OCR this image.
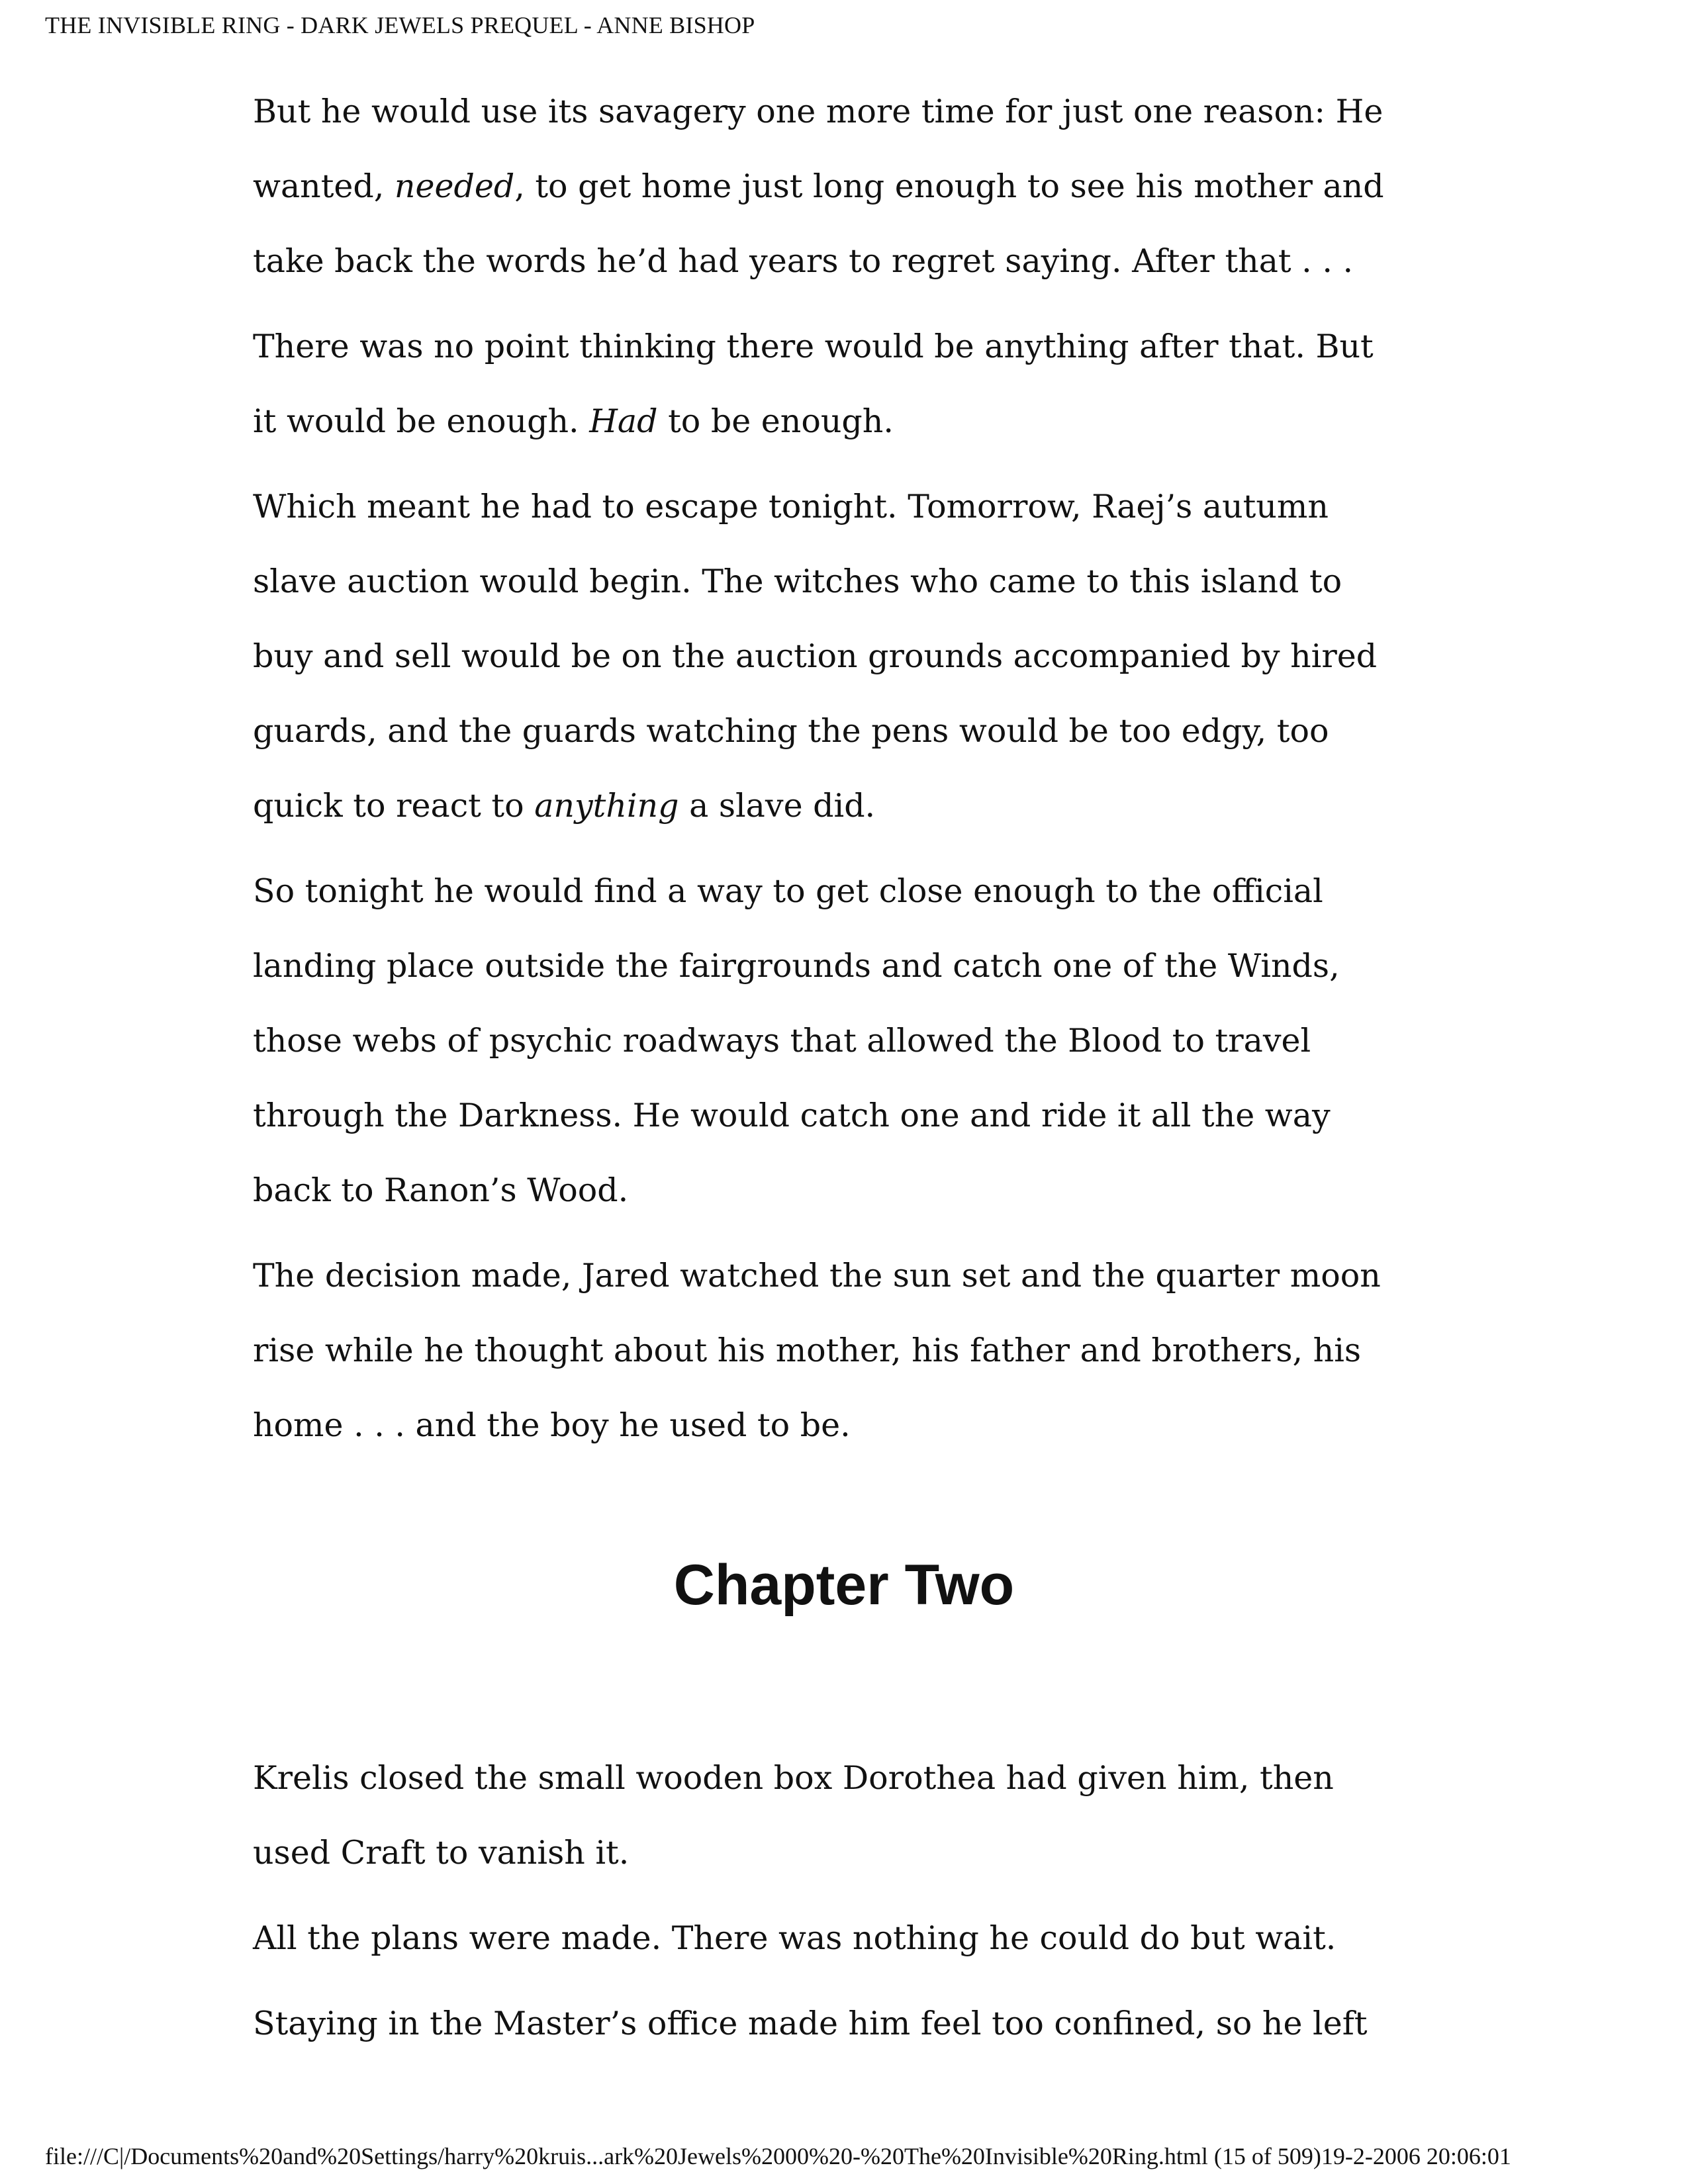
THE INVISIBLE RING - DARK JEWELS PREQUEL - ANNE BISHOP

But he would use its savagery one more time for just one reason: He
wanted, needed, to get home just long enough to see his mother and
take back the words he’d had years to regret saying. After that . . .

There was no point thinking there would be anything after that. But
it would be enough. Had to be enough.

Which meant he had to escape tonight. Tomorrow, Raej’s autumn
slave auction would begin. The witches who came to this island to
buy and sell would be on the auction grounds accompanied by hired
guards, and the guards watching the pens would be too edgy, too
quick to react to anything a slave did.

So tonight he would find a way to get close enough to the official
landing place outside the fairgrounds and catch one of the Winds,
those webs of psychic roadways that allowed the Blood to travel
through the Darkness. He would catch one and ride it all the way
back to Ranon’s Wood.

The decision made, Jared watched the sun set and the quarter moon
rise while he thought about his mother, his father and brothers, his
home . . . and the boy he used to be.

Chapter Two

Krelis closed the small wooden box Dorothea had given him, then
used Craft to vanish it.

All the plans were made. There was nothing he could do but wait.

Staying in the Master’s office made him feel too confined, so he left

file:///C|/Documents%20and%20Settings/harry%20kruis...ark%20Jewels%2000%20-%20The%20Invisible%20Ring.html (15 of 509)19-2-2006 20:06:01
